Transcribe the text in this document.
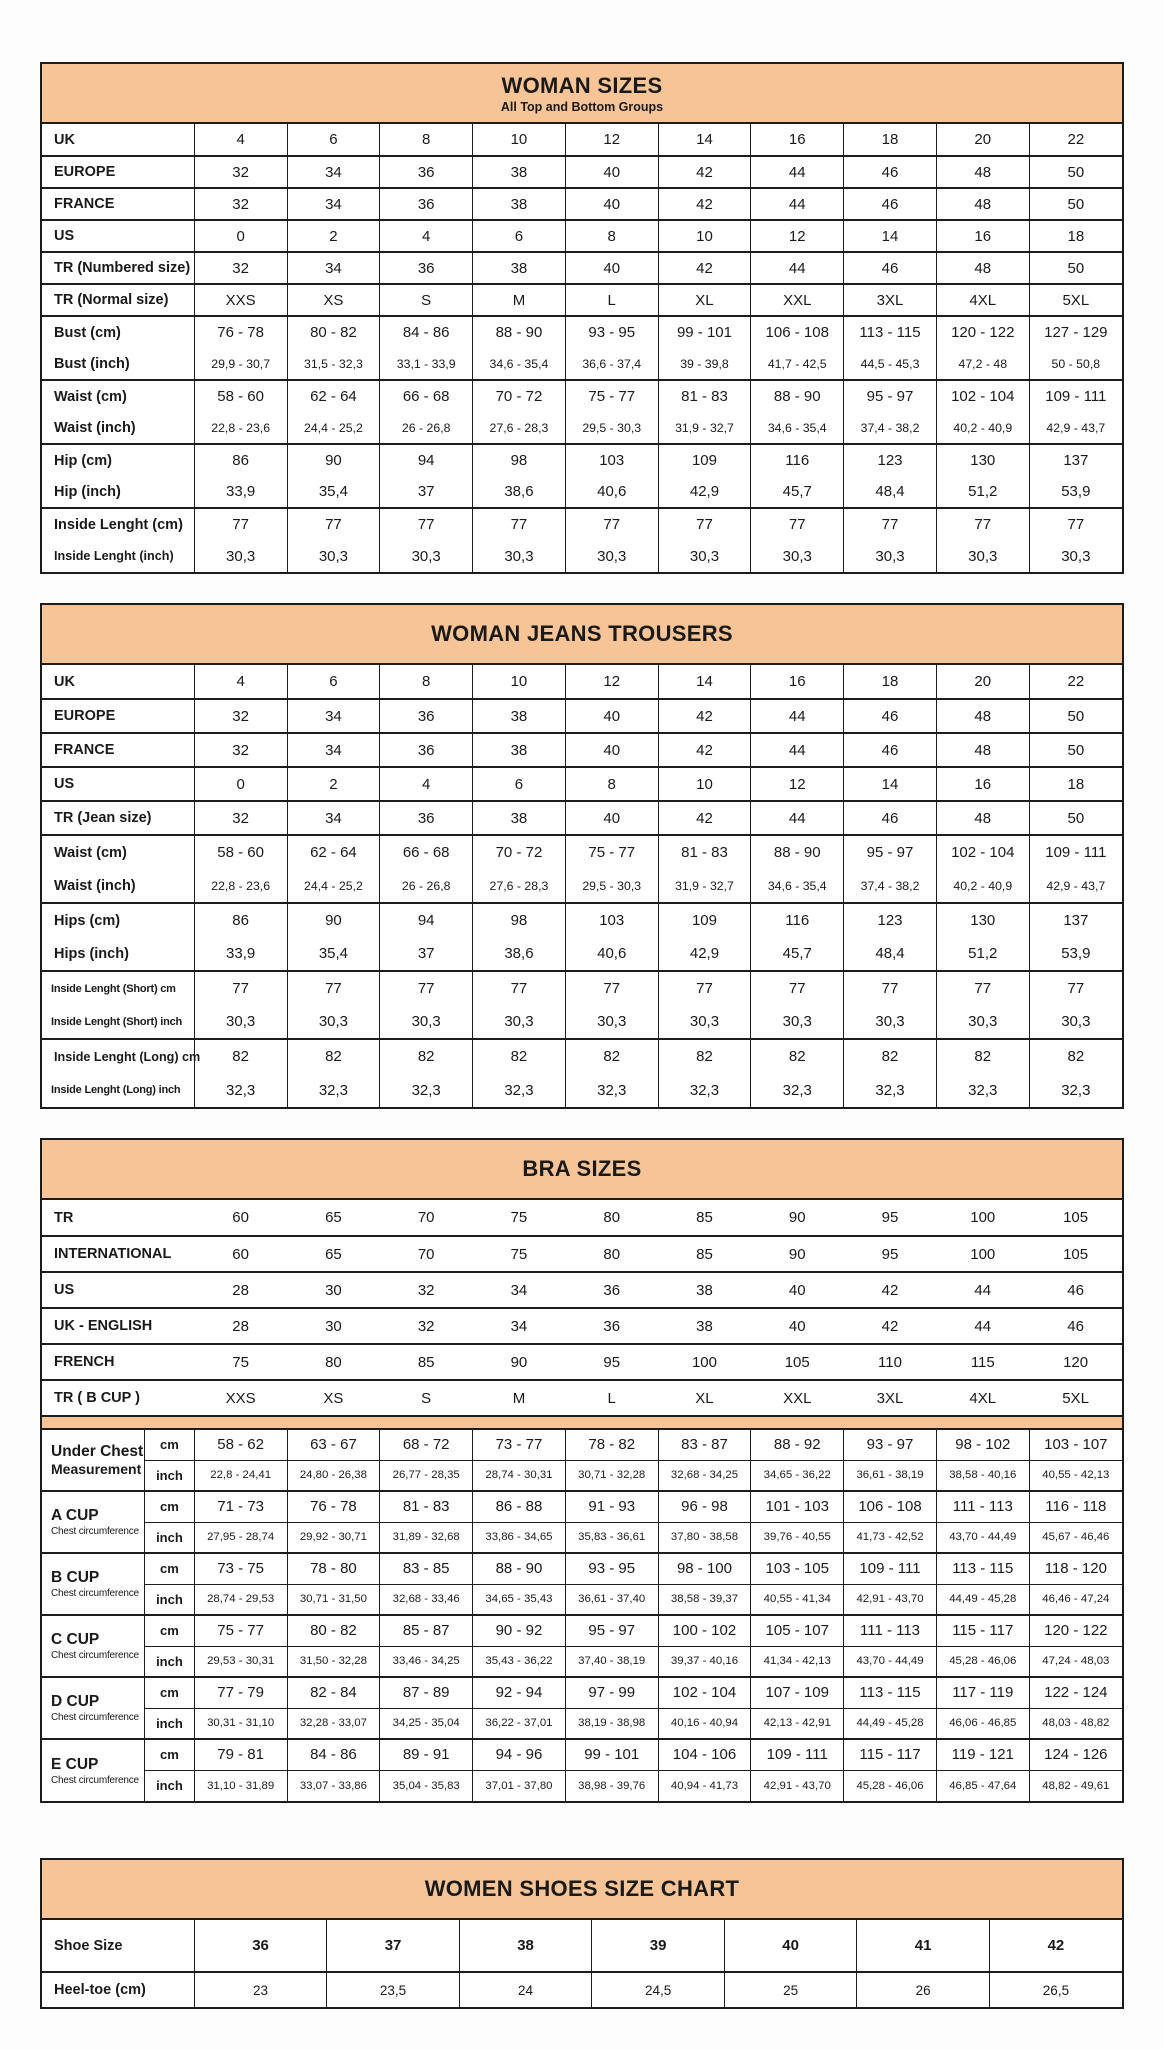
WOMAN SIZES
All Top and Bottom Groups
UK	4	6	8	10	12	14	16	18	20	22
EUROPE	32	34	36	38	40	42	44	46	48	50
FRANCE	32	34	36	38	40	42	44	46	48	50
US	0	2	4	6	8	10	12	14	16	18
TR (Numbered size)	32	34	36	38	40	42	44	46	48	50
TR (Normal size)	XXS	XS	S	M	L	XL	XXL	3XL	4XL	5XL
Bust (cm)	76 - 78	80 - 82	84 - 86	88 - 90	93 - 95	99 - 101	106 - 108	113 - 115	120 - 122	127 - 129
Bust (inch)	29,9 - 30,7	31,5 - 32,3	33,1 - 33,9	34,6 - 35,4	36,6 - 37,4	39 - 39,8	41,7 - 42,5	44,5 - 45,3	47,2 - 48	50 - 50,8
Waist (cm)	58 - 60	62 - 64	66 - 68	70 - 72	75 - 77	81 - 83	88 - 90	95 - 97	102 - 104	109 - 111
Waist (inch)	22,8 - 23,6	24,4 - 25,2	26 - 26,8	27,6 - 28,3	29,5 - 30,3	31,9 - 32,7	34,6 - 35,4	37,4 - 38,2	40,2 - 40,9	42,9 - 43,7
Hip (cm)	86	90	94	98	103	109	116	123	130	137
Hip (inch)	33,9	35,4	37	38,6	40,6	42,9	45,7	48,4	51,2	53,9
Inside Lenght (cm)	77	77	77	77	77	77	77	77	77	77
Inside Lenght (inch)	30,3	30,3	30,3	30,3	30,3	30,3	30,3	30,3	30,3	30,3
WOMAN JEANS TROUSERS
UK	4	6	8	10	12	14	16	18	20	22
EUROPE	32	34	36	38	40	42	44	46	48	50
FRANCE	32	34	36	38	40	42	44	46	48	50
US	0	2	4	6	8	10	12	14	16	18
TR (Jean size)	32	34	36	38	40	42	44	46	48	50
Waist (cm)	58 - 60	62 - 64	66 - 68	70 - 72	75 - 77	81 - 83	88 - 90	95 - 97	102 - 104	109 - 111
Waist (inch)	22,8 - 23,6	24,4 - 25,2	26 - 26,8	27,6 - 28,3	29,5 - 30,3	31,9 - 32,7	34,6 - 35,4	37,4 - 38,2	40,2 - 40,9	42,9 - 43,7
Hips (cm)	86	90	94	98	103	109	116	123	130	137
Hips (inch)	33,9	35,4	37	38,6	40,6	42,9	45,7	48,4	51,2	53,9
Inside Lenght (Short) cm	77	77	77	77	77	77	77	77	77	77
Inside Lenght (Short) inch	30,3	30,3	30,3	30,3	30,3	30,3	30,3	30,3	30,3	30,3
Inside Lenght (Long) cm	82	82	82	82	82	82	82	82	82	82
Inside Lenght (Long) inch	32,3	32,3	32,3	32,3	32,3	32,3	32,3	32,3	32,3	32,3
BRA SIZES
TR		60	65	70	75	80	85	90	95	100	105
INTERNATIONAL		60	65	70	75	80	85	90	95	100	105
US		28	30	32	34	36	38	40	42	44	46
UK - ENGLISH		28	30	32	34	36	38	40	42	44	46
FRENCH		75	80	85	90	95	100	105	110	115	120
TR ( B CUP )		XXS	XS	S	M	L	XL	XXL	3XL	4XL	5XL

Under Chest
Measurement	cm	58 - 62	63 - 67	68 - 72	73 - 77	78 - 82	83 - 87	88 - 92	93 - 97	98 - 102	103 - 107
	inch	22,8 - 24,41	24,80 - 26,38	26,77 - 28,35	28,74 - 30,31	30,71 - 32,28	32,68 - 34,25	34,65 - 36,22	36,61 - 38,19	38,58 - 40,16	40,55 - 42,13

A CUP
Chest circumference	cm	71 - 73	76 - 78	81 - 83	86 - 88	91 - 93	96 - 98	101 - 103	106 - 108	111 - 113	116 - 118
	inch	27,95 - 28,74	29,92 - 30,71	31,89 - 32,68	33,86 - 34,65	35,83 - 36,61	37,80 - 38,58	39,76 - 40,55	41,73 - 42,52	43,70 - 44,49	45,67 - 46,46

B CUP
Chest circumference	cm	73 - 75	78 - 80	83 - 85	88 - 90	93 - 95	98 - 100	103 - 105	109 - 111	113 - 115	118 - 120
	inch	28,74 - 29,53	30,71 - 31,50	32,68 - 33,46	34,65 - 35,43	36,61 - 37,40	38,58 - 39,37	40,55 - 41,34	42,91 - 43,70	44,49 - 45,28	46,46 - 47,24

C CUP
Chest circumference	cm	75 - 77	80 - 82	85 - 87	90 - 92	95 - 97	100 - 102	105 - 107	111 - 113	115 - 117	120 - 122
	inch	29,53 - 30,31	31,50 - 32,28	33,46 - 34,25	35,43 - 36,22	37,40 - 38,19	39,37 - 40,16	41,34 - 42,13	43,70 - 44,49	45,28 - 46,06	47,24 - 48,03

D CUP
Chest circumference	cm	77 - 79	82 - 84	87 - 89	92 - 94	97 - 99	102 - 104	107 - 109	113 - 115	117 - 119	122 - 124
	inch	30,31 - 31,10	32,28 - 33,07	34,25 - 35,04	36,22 - 37,01	38,19 - 38,98	40,16 - 40,94	42,13 - 42,91	44,49 - 45,28	46,06 - 46,85	48,03 - 48,82

E CUP
Chest circumference	cm	79 - 81	84 - 86	89 - 91	94 - 96	99 - 101	104 - 106	109 - 111	115 - 117	119 - 121	124 - 126
	inch	31,10 - 31,89	33,07 - 33,86	35,04 - 35,83	37,01 - 37,80	38,98 - 39,76	40,94 - 41,73	42,91 - 43,70	45,28 - 46,06	46,85 - 47,64	48,82 - 49,61
WOMEN SHOES SIZE CHART
Shoe Size	36	37	38	39	40	41	42
Heel-toe (cm)	23	23,5	24	24,5	25	26	26,5
